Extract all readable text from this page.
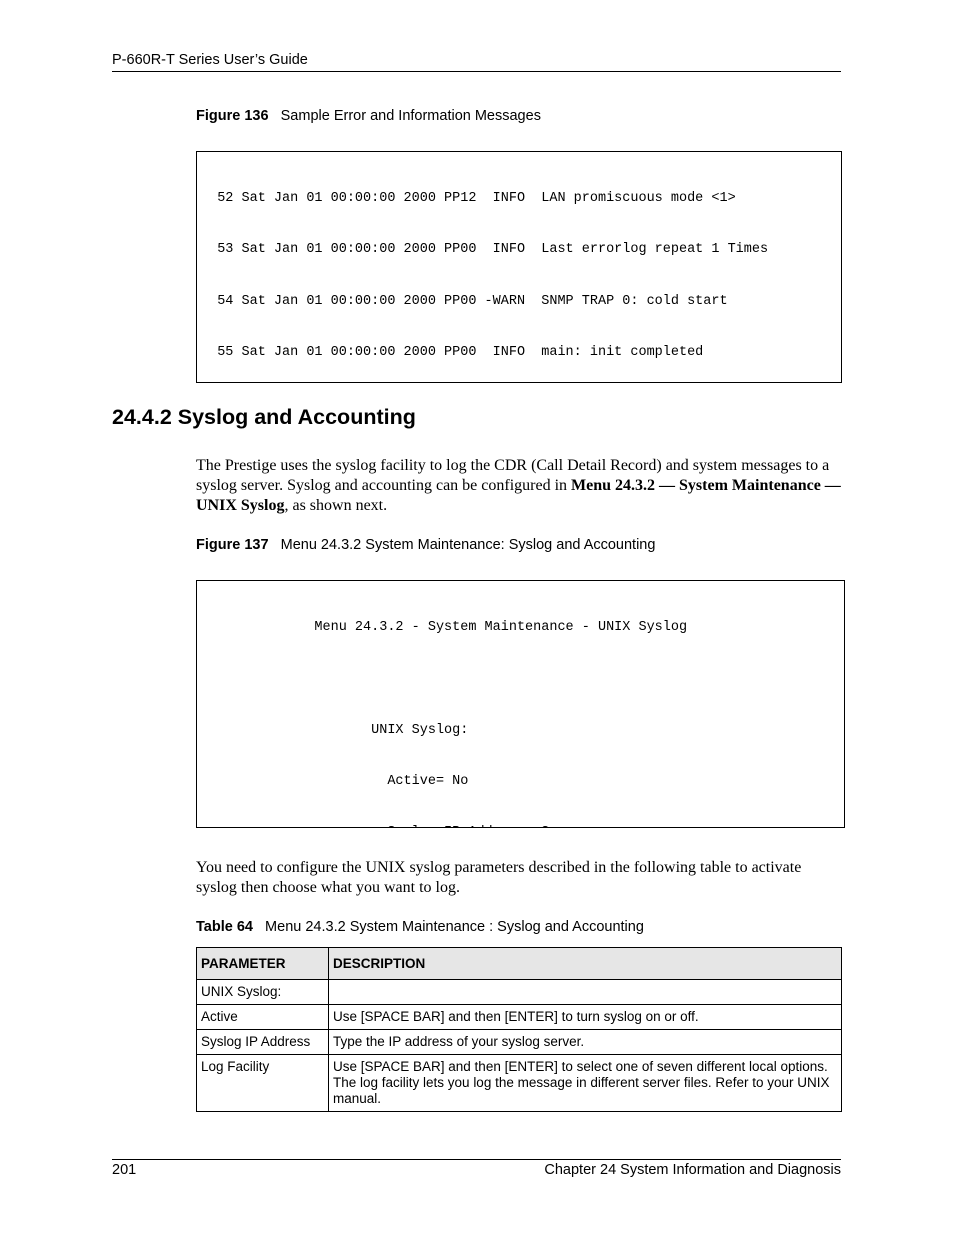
P-660R-T Series User’s Guide
Figure 136 Sample Error and Information Messages

52 Sat Jan 01 00:00:00 2000 PP12  INFO  LAN promiscuous mode <1>

53 Sat Jan 01 00:00:00 2000 PP00  INFO  Last errorlog repeat 1 Times

54 Sat Jan 01 00:00:00 2000 PP00 -WARN  SNMP TRAP 0: cold start

55 Sat Jan 01 00:00:00 2000 PP00  INFO  main: init completed

24.4.2 Syslog and Accounting
The Prestige uses the syslog facility to log the CDR (Call Detail Record) and system messages to a syslog server. Syslog and accounting can be configured in Menu 24.3.2 — System Maintenance — UNIX Syslog, as shown next.
Figure 137 Menu 24.3.2 System Maintenance: Syslog and Accounting

Menu 24.3.2 - System Maintenance - UNIX Syslog

UNIX Syslog:

Active= No

You need to configure the UNIX syslog parameters described in the following table to activate syslog then choose what you want to log.
Table 64 Menu 24.3.2 System Maintenance : Syslog and Accounting
PARAMETER	DESCRIPTION
UNIX Syslog:	
Active	Use [SPACE BAR] and then [ENTER] to turn syslog on or off.
Syslog IP Address	Type the IP address of your syslog server.
Log Facility	Use [SPACE BAR] and then [ENTER] to select one of seven different local options. The log facility lets you log the message in different server files. Refer to your UNIX manual.
201	Chapter 24 System Information and Diagnosis
